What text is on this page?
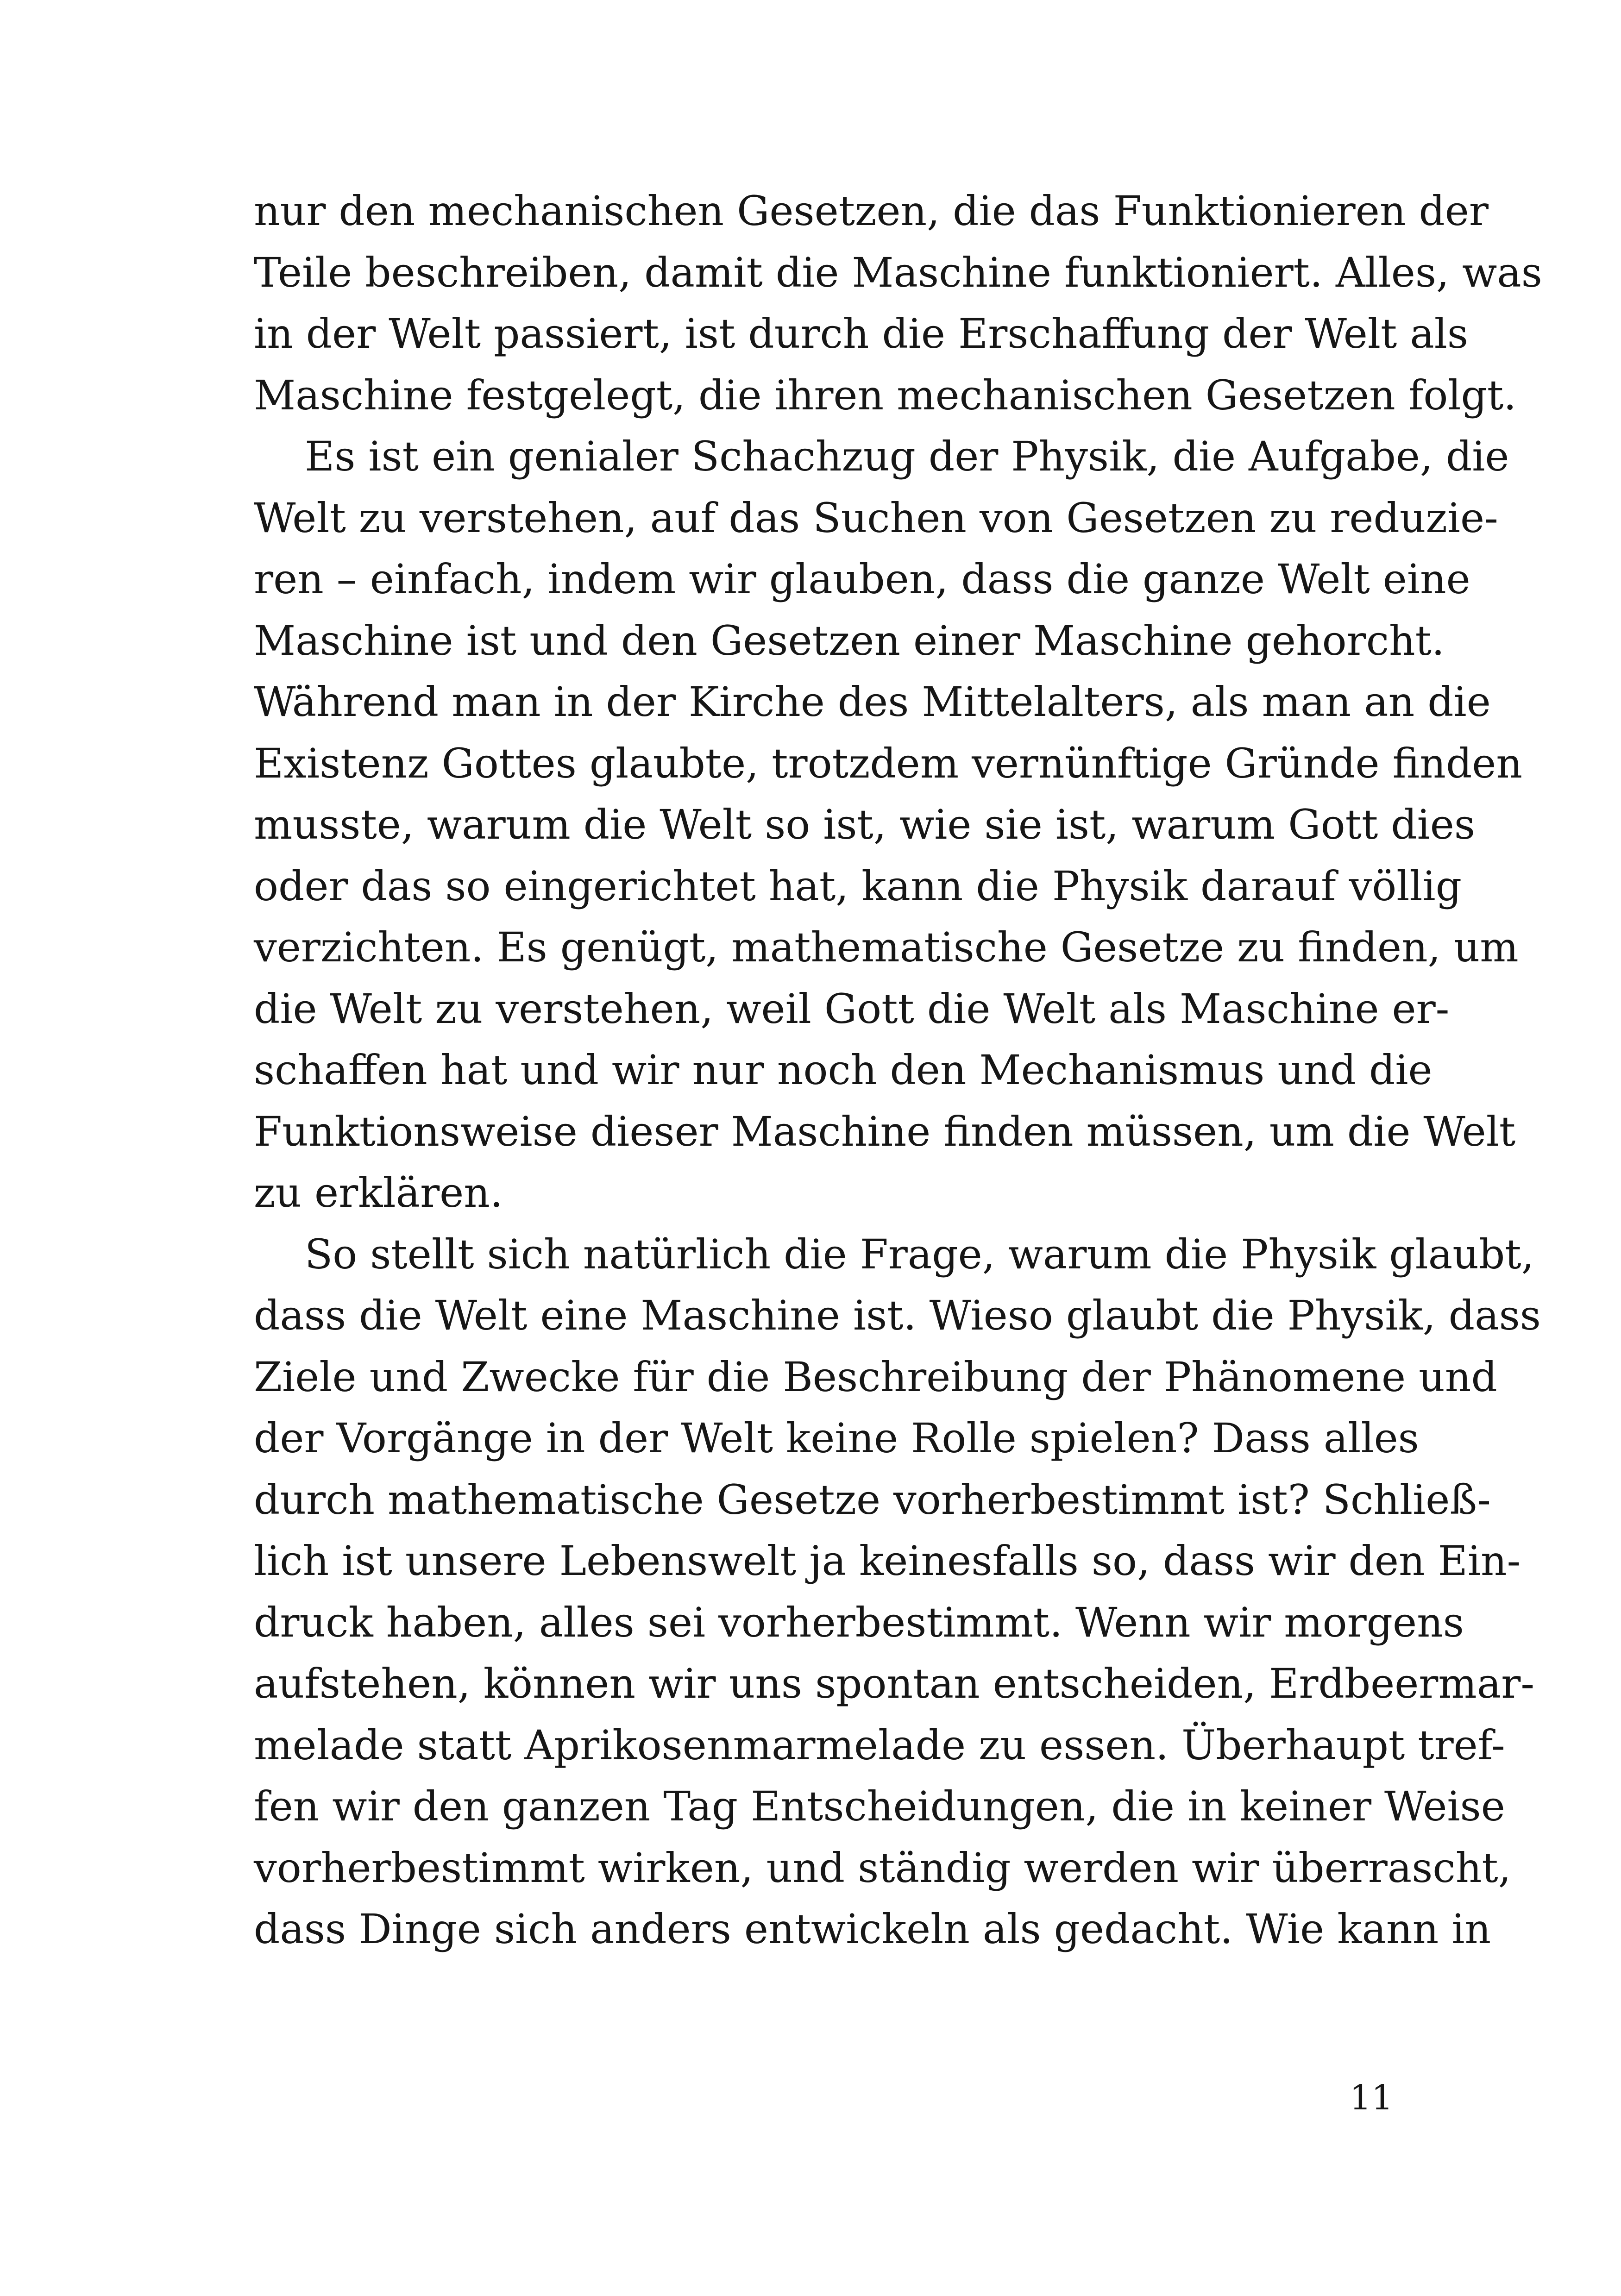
nur den mechanischen Gesetzen, die das Funktionieren der
Teile beschreiben, damit die Maschine funktioniert. Alles, was
in der Welt passiert, ist durch die Erschaffung der Welt als
Maschine festgelegt, die ihren mechanischen Gesetzen folgt.
Es ist ein genialer Schachzug der Physik, die Aufgabe, die
Welt zu verstehen, auf das Suchen von Gesetzen zu reduzie-
ren – einfach, indem wir glauben, dass die ganze Welt eine
Maschine ist und den Gesetzen einer Maschine gehorcht.
Während man in der Kirche des Mittelalters, als man an die
Existenz Gottes glaubte, trotzdem vernünftige Gründe finden
musste, warum die Welt so ist, wie sie ist, warum Gott dies
oder das so eingerichtet hat, kann die Physik darauf völlig
verzichten. Es genügt, mathematische Gesetze zu finden, um
die Welt zu verstehen, weil Gott die Welt als Maschine er-
schaffen hat und wir nur noch den Mechanismus und die
Funktionsweise dieser Maschine finden müssen, um die Welt
zu erklären.
So stellt sich natürlich die Frage, warum die Physik glaubt,
dass die Welt eine Maschine ist. Wieso glaubt die Physik, dass
Ziele und Zwecke für die Beschreibung der Phänomene und
der Vorgänge in der Welt keine Rolle spielen? Dass alles
durch mathematische Gesetze vorherbestimmt ist? Schließ-
lich ist unsere Lebenswelt ja keinesfalls so, dass wir den Ein-
druck haben, alles sei vorherbestimmt. Wenn wir morgens
aufstehen, können wir uns spontan entscheiden, Erdbeermar-
melade statt Aprikosenmarmelade zu essen. Überhaupt tref-
fen wir den ganzen Tag Entscheidungen, die in keiner Weise
vorherbestimmt wirken, und ständig werden wir überrascht,
dass Dinge sich anders entwickeln als gedacht. Wie kann in
11
